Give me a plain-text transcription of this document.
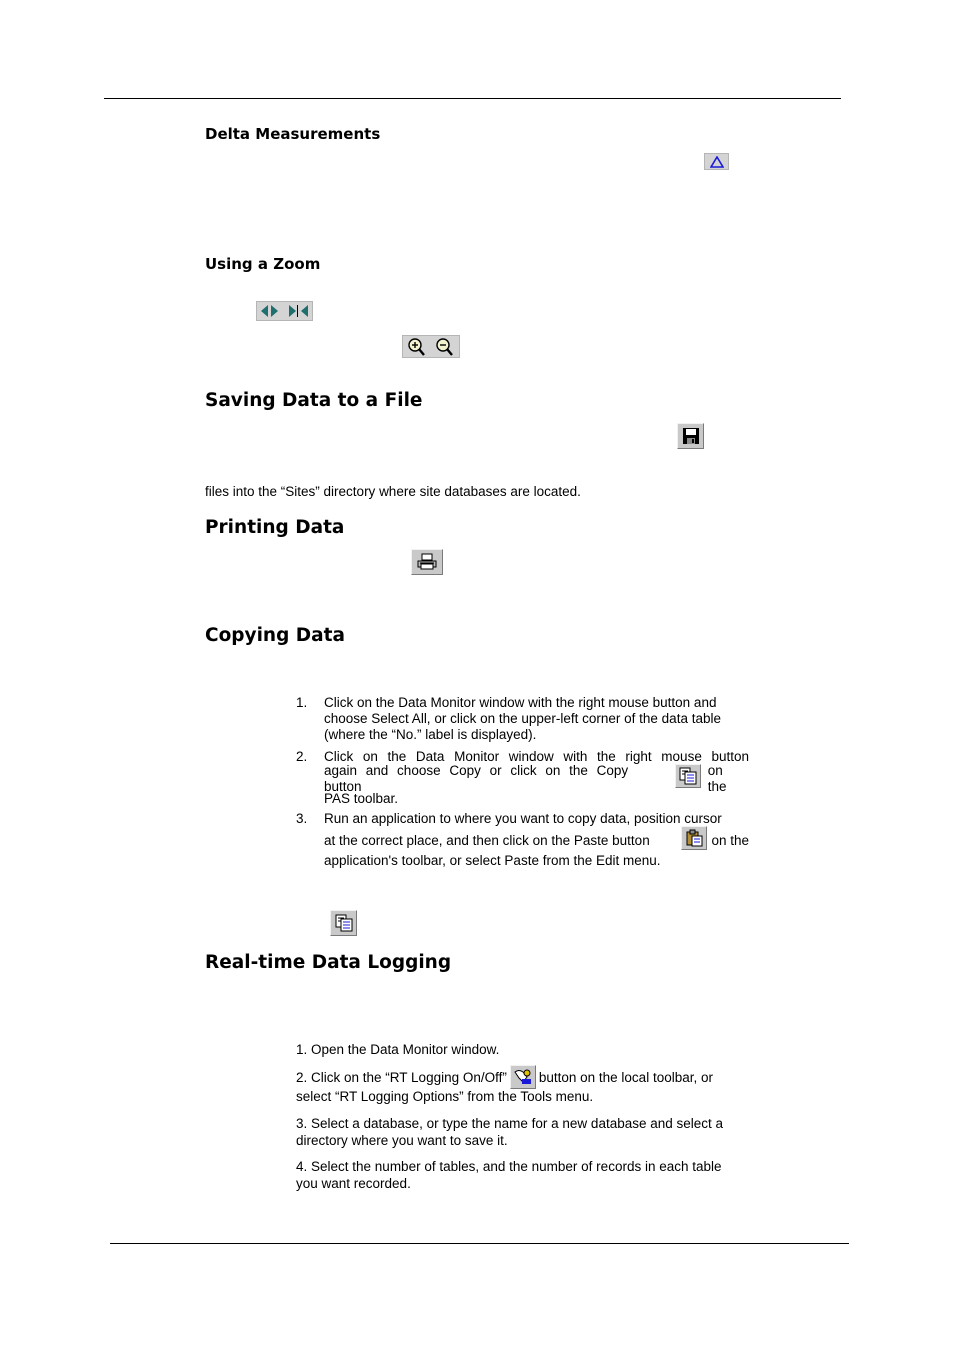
Delta Measurements
Using a Zoom
Saving Data to a File
files into the “Sites” directory where site databases are located.
Printing Data
Copying Data
1. Click on the Data Monitor window with the right mouse button and
choose Select All, or click on the upper-left corner of the data table
(where the “No.” label is displayed).
2. Click on the Data Monitor window with the right mouse button
again and choose Copy or click on the Copy button
on the
PAS toolbar.
3. Run an application to where you want to copy data, position cursor
at the correct place, and then click on the Paste button	on the
application's toolbar, or select Paste from the Edit menu.
Real-time Data Logging
1. Open the Data Monitor window.
2. Click on the “RT Logging On/Off” button on the local toolbar, or
select “RT Logging Options” from the Tools menu.
3. Select a database, or type the name for a new database and select a
directory where you want to save it.
4. Select the number of tables, and the number of records in each table
you want recorded.
